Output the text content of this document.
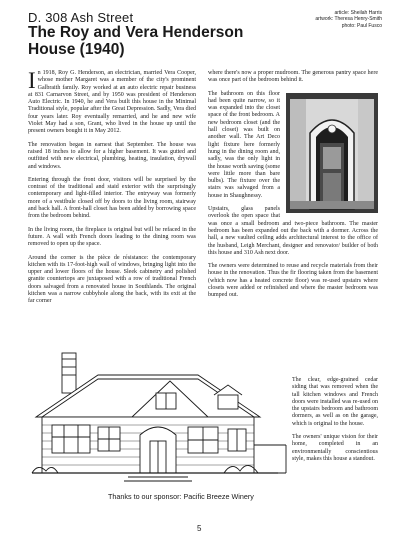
D. 308 Ash Street
The Roy and Vera Henderson House (1940)
article: Sheilah Harris
artwork: Theresa Henry-Smith
photo: Paul Fusco

In 1918, Roy G. Henderson, an electrician, married Vera Cooper, whose mother Margaret was a member of the city's prominent Galbraith family. Roy worked at an auto electric repair business at 831 Carnarvon Street, and by 1950 was president of Henderson Auto Electric. In 1940, he and Vera built this house in the Minimal Traditional style, popular after the Great Depression. Sadly, Vera died four years later. Roy eventually remarried, and he and new wife Violet May had a son, Grant, who lived in the house up until the present owners bought it in May 2012.

The renovation began in earnest that September. The house was raised 18 inches to allow for a higher basement. It was gutted and outfitted with new electrical, plumbing, heating, insulation, drywall and windows.

Entering through the front door, visitors will be surprised by the contrast of the traditional and staid exterior with the surprisingly contemporary and light-filled interior. The entryway was formerly more of a vestibule closed off by doors to the living room, stairway and back hall. A front-hall closet has been added by borrowing space from the bedroom behind.

In the living room, the fireplace is original but will be refaced in the future. A wall with French doors leading to the dining room was removed to open up the space.

Around the corner is the pièce de résistance: the contemporary kitchen with its 17-foot-high wall of windows, bringing light into the upper and lower floors of the house. Sleek cabinetry and polished granite countertops are juxtaposed with a row of traditional French doors salvaged from a renovated house in Southlands. The original kitchen was a narrow cubbyhole along the back, with its exit at the far corner

where there's now a proper mudroom. The generous pantry space here was once part of the bedroom behind it.

The bathroom on this floor had been quite narrow, so it was expanded into the closet space of the front bedroom. A new bedroom closet (and the hall closet) was built on another wall. The Art Deco light fixture here formerly hung in the dining room and, sadly, was the only light in the house worth saving (some were little more than bare bulbs). The fixture over the stairs was salvaged from a house in Shaughnessy.

Upstairs, glass panels overlook the open space that was once a small bedroom and two-piece bathroom. The master bedroom has been expanded out the back with a dormer. Across the hall, a new vaulted ceiling adds architectural interest to the office of the husband, Leigh Merchant, designer and renovator/ builder of both this house and 310 Ash next door.

The owners were determined to reuse and recycle materials from their house in the renovation. Thus the fir flooring taken from the basement (which now has a heated concrete floor) was re-used upstairs where closets were added or refinished and where the master bedroom was bumped out.

The clear, edge-grained cedar siding that was removed when the tall kitchen windows and French doors were installed was re-used on the upstairs bedroom and bathroom dormers, as well as on the garage, which is original to the house.

The owners' unique vision for their home, completed in an environmentally conscientious style, makes this house a standout.

Thanks to our sponsor: Pacific Breeze Winery
5
